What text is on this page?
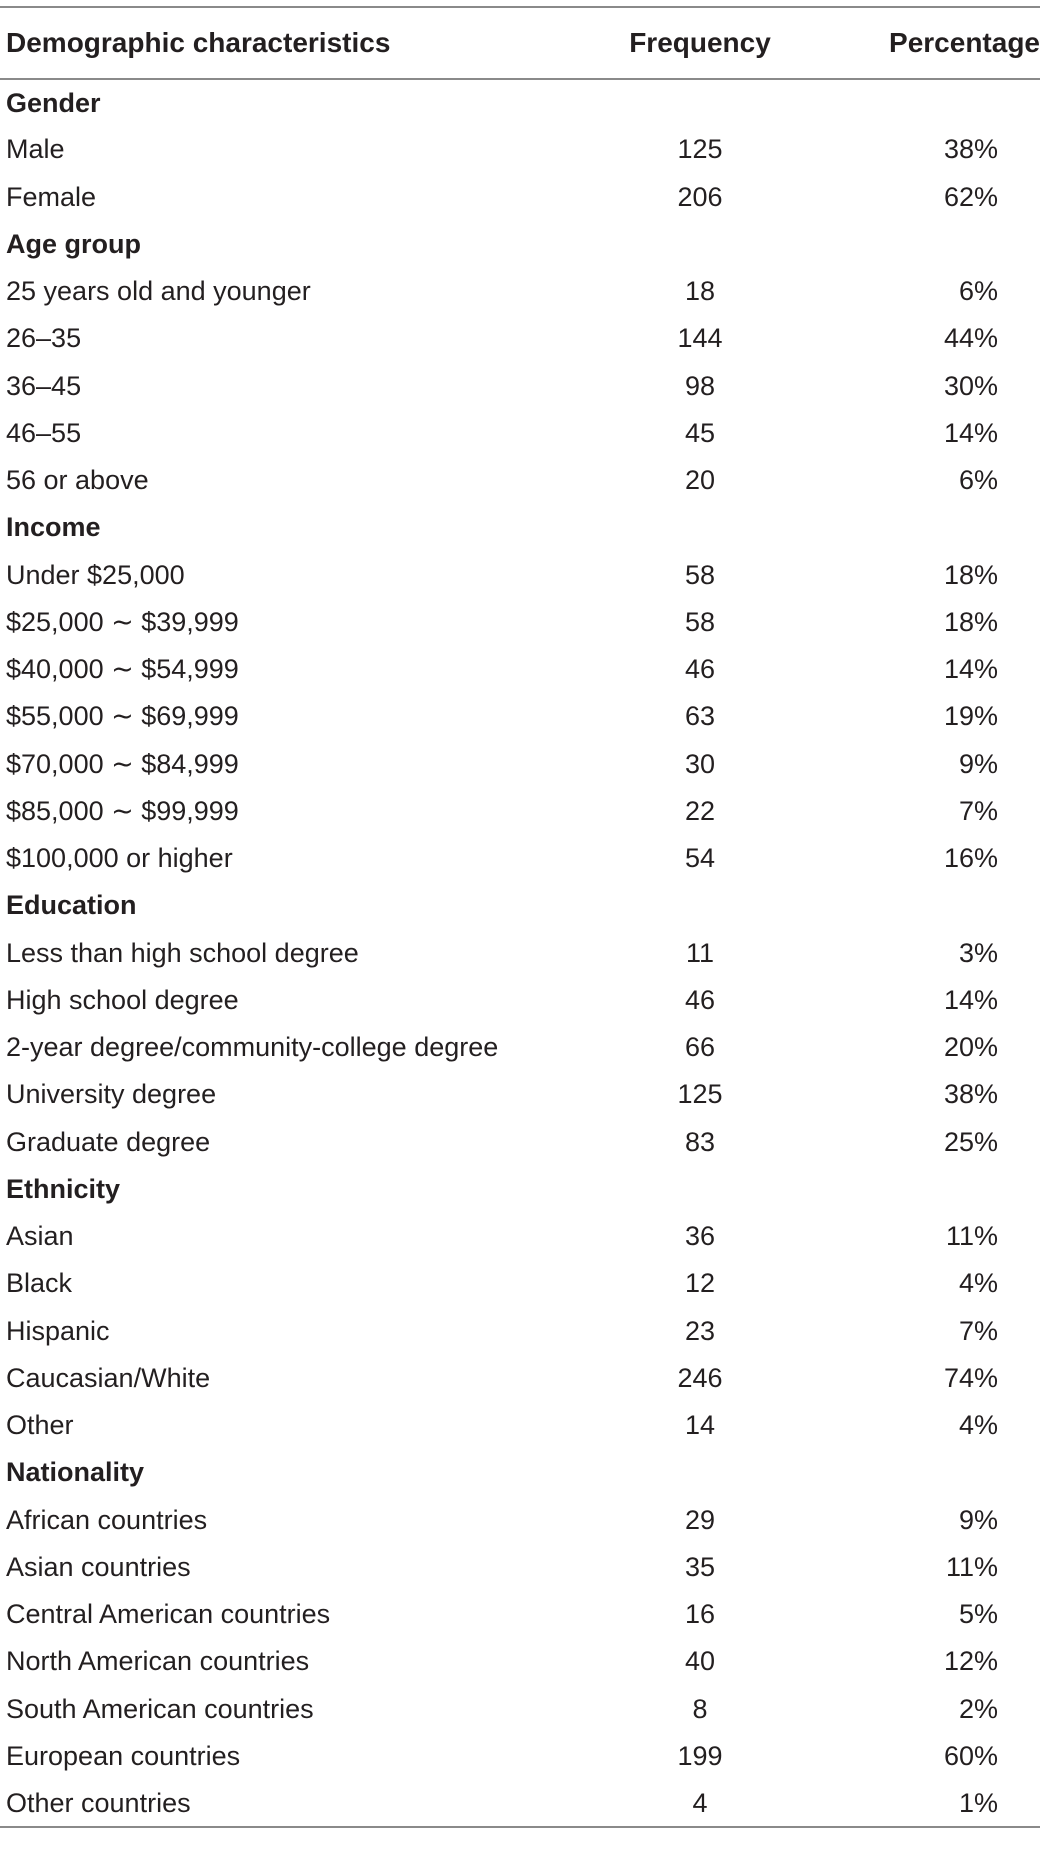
Demographic characteristics	Frequency	Percentage
Gender		
Male	125	38%
Female	206	62%
Age group		
25 years old and younger	18	6%
26–35	144	44%
36–45	98	30%
46–55	45	14%
56 or above	20	6%
Income		
Under $25,000	58	18%
$25,000 ∼ $39,999	58	18%
$40,000 ∼ $54,999	46	14%
$55,000 ∼ $69,999	63	19%
$70,000 ∼ $84,999	30	9%
$85,000 ∼ $99,999	22	7%
$100,000 or higher	54	16%
Education		
Less than high school degree	11	3%
High school degree	46	14%
2-year degree/community-college degree	66	20%
University degree	125	38%
Graduate degree	83	25%
Ethnicity		
Asian	36	11%
Black	12	4%
Hispanic	23	7%
Caucasian/White	246	74%
Other	14	4%
Nationality		
African countries	29	9%
Asian countries	35	11%
Central American countries	16	5%
North American countries	40	12%
South American countries	8	2%
European countries	199	60%
Other countries	4	1%
